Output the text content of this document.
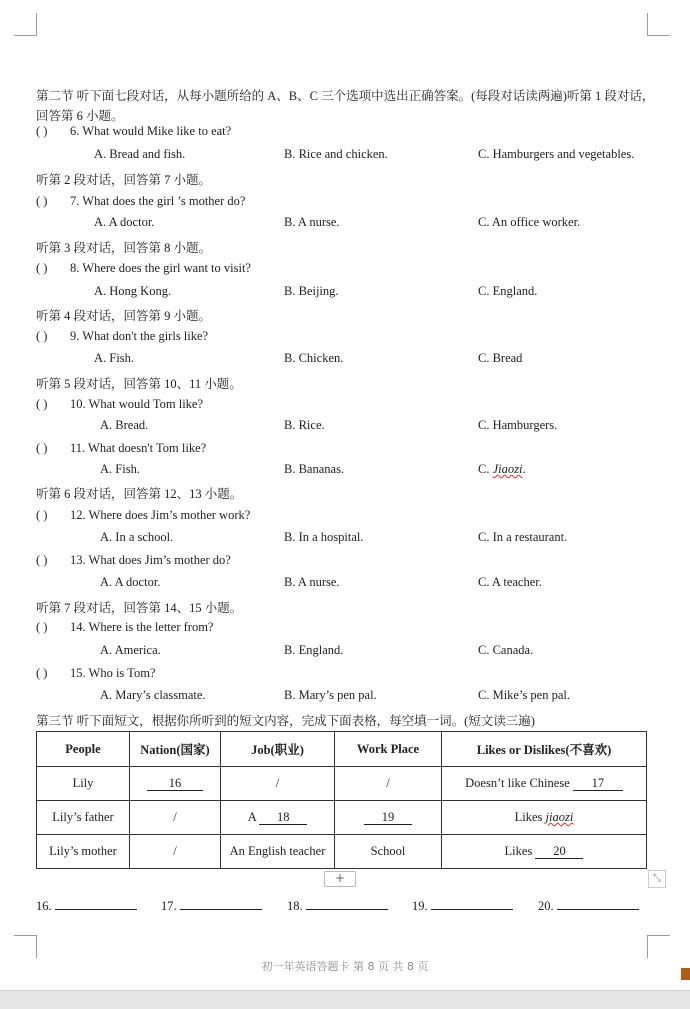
第二节 听下面七段对话，从每小题所给的 A、B、C 三个选项中选出正确答案。(每段对话读两遍)听第 1 段对话，
回答第 6 小题。
( ) 6. What would Mike like to eat?
A. Bread and fish.	B. Rice and chicken.	C. Hamburgers and vegetables.
听第 2 段对话，回答第 7 小题。
( ) 7. What does the girl ’s mother do?
A. A doctor.	B. A nurse.	C. An office worker.
听第 3 段对话，回答第 8 小题。
( ) 8. Where does the girl want to visit?
A. Hong Kong.	B. Beijing.	C. England.
听第 4 段对话，回答第 9 小题。
( ) 9. What don't the girls like?
A. Fish.	B. Chicken.	C. Bread
听第 5 段对话，回答第 10、11 小题。
( ) 10. What would Tom like?
A. Bread.	B. Rice.	C. Hamburgers.
( ) 11. What doesn't Tom like?
A. Fish.	B. Bananas.	C. Jiaozi.
听第 6 段对话，回答第 12、13 小题。
( ) 12. Where does Jim’s mother work?
A. In a school.	B. In a hospital.	C. In a restaurant.
( ) 13. What does Jim’s mother do?
A. A doctor.	B. A nurse.	C. A teacher.
听第 7 段对话，回答第 14、15 小题。
( ) 14. Where is the letter from?
A. America.	B. England.	C. Canada.
( ) 15. Who is Tom?
A. Mary’s classmate.	B. Mary’s pen pal.	C. Mike’s pen pal.
第三节 听下面短文，根据你所听到的短文内容，完成下面表格，每空填一词。(短文读三遍)
People	Nation(国家)	Job(职业)	Work Place	Likes or Dislikes(不喜欢)
Lily	16	/	/	Doesn’t like Chinese 17
Lily’s father	/	A 18	19	Likes jiaozi
Lily’s mother	/	An English teacher	School	Likes 20
+	⤡
16.	17.	18.	19.	20.
初一年英语答题卡 第 8 页 共 8 页
